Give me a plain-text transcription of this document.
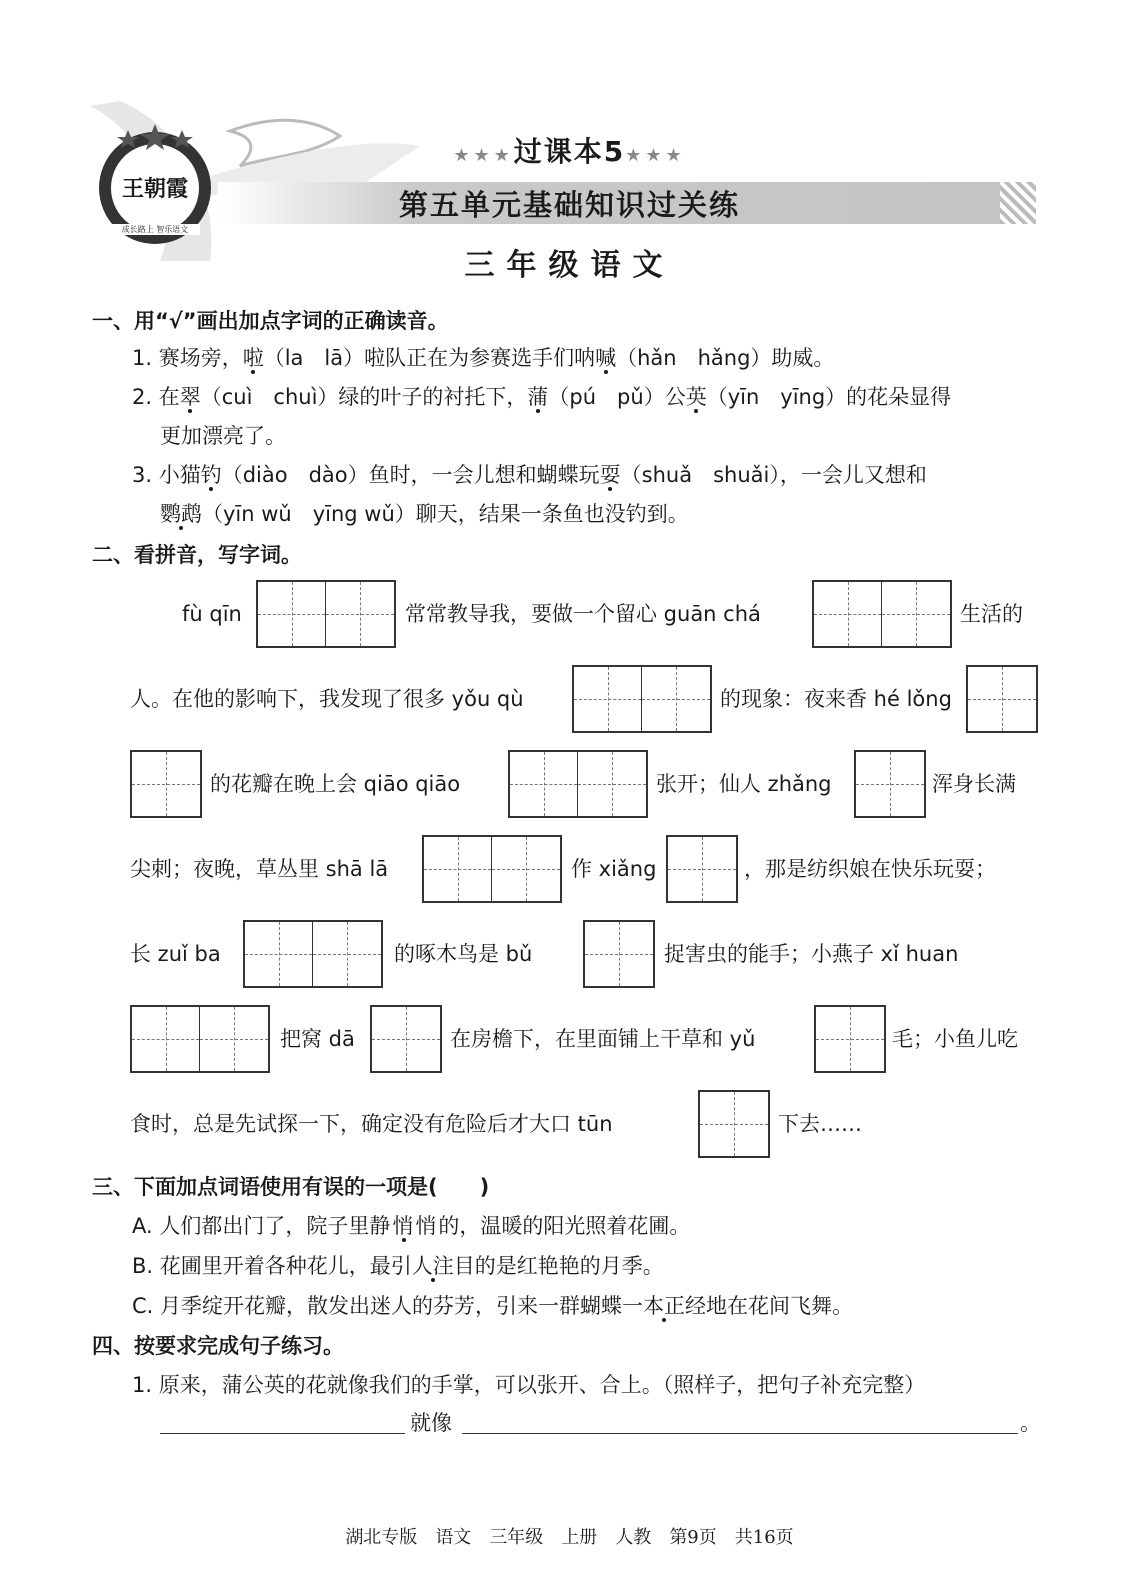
王朝霞
成长路上 智乐语文
★★★过课本5★★★
第五单元基础知识过关练
三年级语文
一、用“√”画出加点字词的正确读音。
1. 赛场旁，啦（la　lā）啦队正在为参赛选手们呐喊（hǎn　hǎng）助威。
2. 在翠（cuì　chuì）绿的叶子的衬托下，蒲（pú　pǔ）公英（yīn　yīng）的花朵显得
更加漂亮了。
3. 小猫钓（diào　dào）鱼时，一会儿想和蝴蝶玩耍（shuǎ　shuǎi），一会儿又想和
鹦鹉（yīn wǔ　yīng wǔ）聊天，结果一条鱼也没钓到。
二、看拼音，写字词。
fù qīn	常常教导我，要做一个留心 guān chá	生活的
人。在他的影响下，我发现了很多 yǒu qù	的现象：夜来香 hé lǒng
的花瓣在晚上会 qiāo qiāo	张开；仙人 zhǎng	浑身长满
尖刺；夜晚，草丛里 shā lā	作 xiǎng	，那是纺织娘在快乐玩耍；
长 zuǐ ba	的啄木鸟是 bǔ	捉害虫的能手；小燕子 xǐ huan
把窝 dā	在房檐下，在里面铺上干草和 yǔ	毛；小鱼儿吃
食时，总是先试探一下，确定没有危险后才大口 tūn	下去……
三、下面加点词语使用有误的一项是(　　)
A. 人们都出门了，院子里静悄悄的，温暖的阳光照着花圃。
B. 花圃里开着各种花儿，最引人注目的是红艳艳的月季。
C. 月季绽开花瓣，散发出迷人的芬芳，引来一群蝴蝶一本正经地在花间飞舞。
四、按要求完成句子练习。
1. 原来，蒲公英的花就像我们的手掌，可以张开、合上。（照样子，把句子补充完整）
就像	。
湖北专版 语文 三年级 上册 人教 第9页 共16页
